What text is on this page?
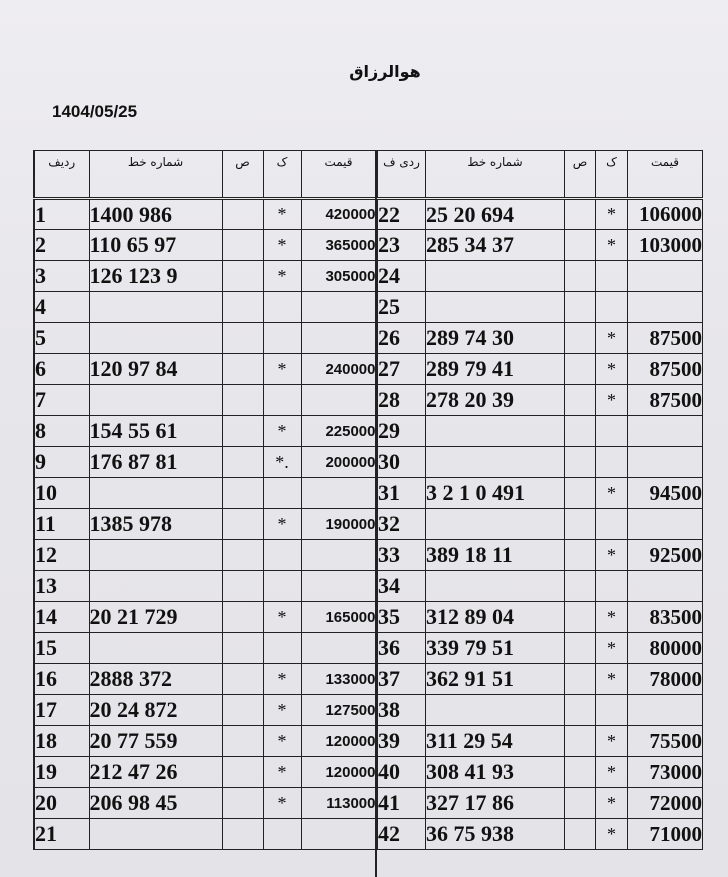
هوالرزاق
1404/05/25
ردیف	شماره خط	ص	ک	قیمت
1	1400 986		*	420000
2	110 65 97		*	365000
3	126 123 9		*	305000
4				
5				
6	120 97 84		*	240000
7				
8	154 55 61		*	225000
9	176 87 81		*.	200000
10				
11	1385 978		*	190000
12				
13				
14	20 21 729		*	165000
15				
16	2888 372		*	133000
17	20 24 872		*	127500
18	20 77 559		*	120000
19	212 47 26		*	120000
20	206 98 45		*	113000
21				
ردی ف	شماره خط	ص	ک	قیمت
22	25 20 694		*	106000
23	285 34 37		*	103000
24				
25				
26	289 74 30		*	87500
27	289 79 41		*	87500
28	278 20 39		*	87500
29				
30				
31	3 2 1 0 491		*	94500
32				
33	389 18 11		*	92500
34				
35	312 89 04		*	83500
36	339 79 51		*	80000
37	362 91 51		*	78000
38				
39	311 29 54		*	75500
40	308 41 93		*	73000
41	327 17 86		*	72000
42	36 75 938		*	71000
